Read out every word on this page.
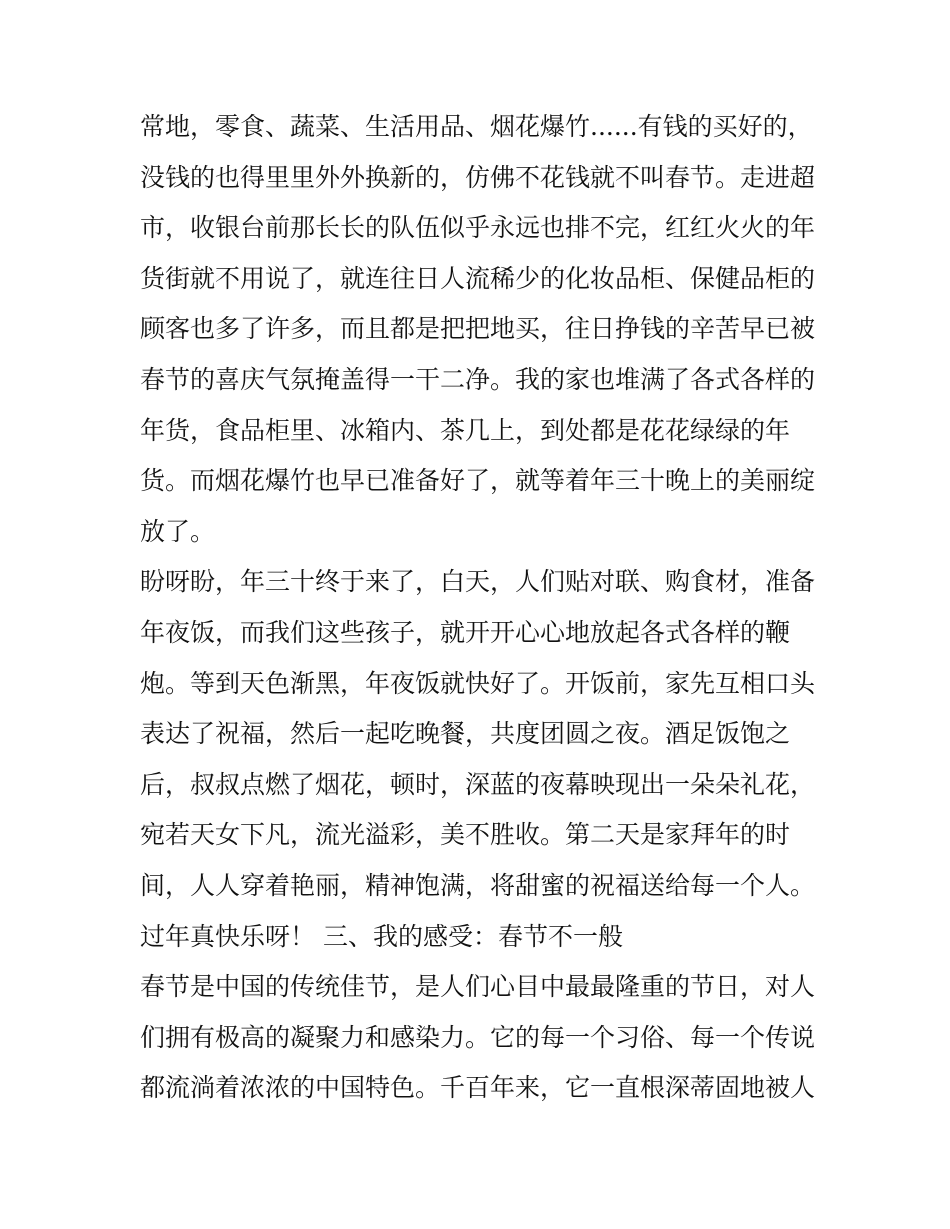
常地，零食、蔬菜、生活用品、烟花爆竹......有钱的买好的，

没钱的也得里里外外换新的，仿佛不花钱就不叫春节。走进超

市，收银台前那长长的队伍似乎永远也排不完，红红火火的年

货街就不用说了，就连往日人流稀少的化妆品柜、保健品柜的

顾客也多了许多，而且都是把把地买，往日挣钱的辛苦早已被

春节的喜庆气氛掩盖得一干二净。我的家也堆满了各式各样的

年货，食品柜里、冰箱内、茶几上，到处都是花花绿绿的年

货。而烟花爆竹也早已准备好了，就等着年三十晚上的美丽绽

放了。

盼呀盼，年三十终于来了，白天，人们贴对联、购食材，准备

年夜饭，而我们这些孩子，就开开心心地放起各式各样的鞭

炮。等到天色渐黑，年夜饭就快好了。开饭前，家先互相口头

表达了祝福，然后一起吃晚餐，共度团圆之夜。酒足饭饱之

后，叔叔点燃了烟花，顿时，深蓝的夜幕映现出一朵朵礼花，

宛若天女下凡，流光溢彩，美不胜收。第二天是家拜年的时

间，人人穿着艳丽，精神饱满，将甜蜜的祝福送给每一个人。

过年真快乐呀！ 三、我的感受：春节不一般

春节是中国的传统佳节，是人们心目中最最隆重的节日，对人

们拥有极高的凝聚力和感染力。它的每一个习俗、每一个传说

都流淌着浓浓的中国特色。千百年来，它一直根深蒂固地被人
